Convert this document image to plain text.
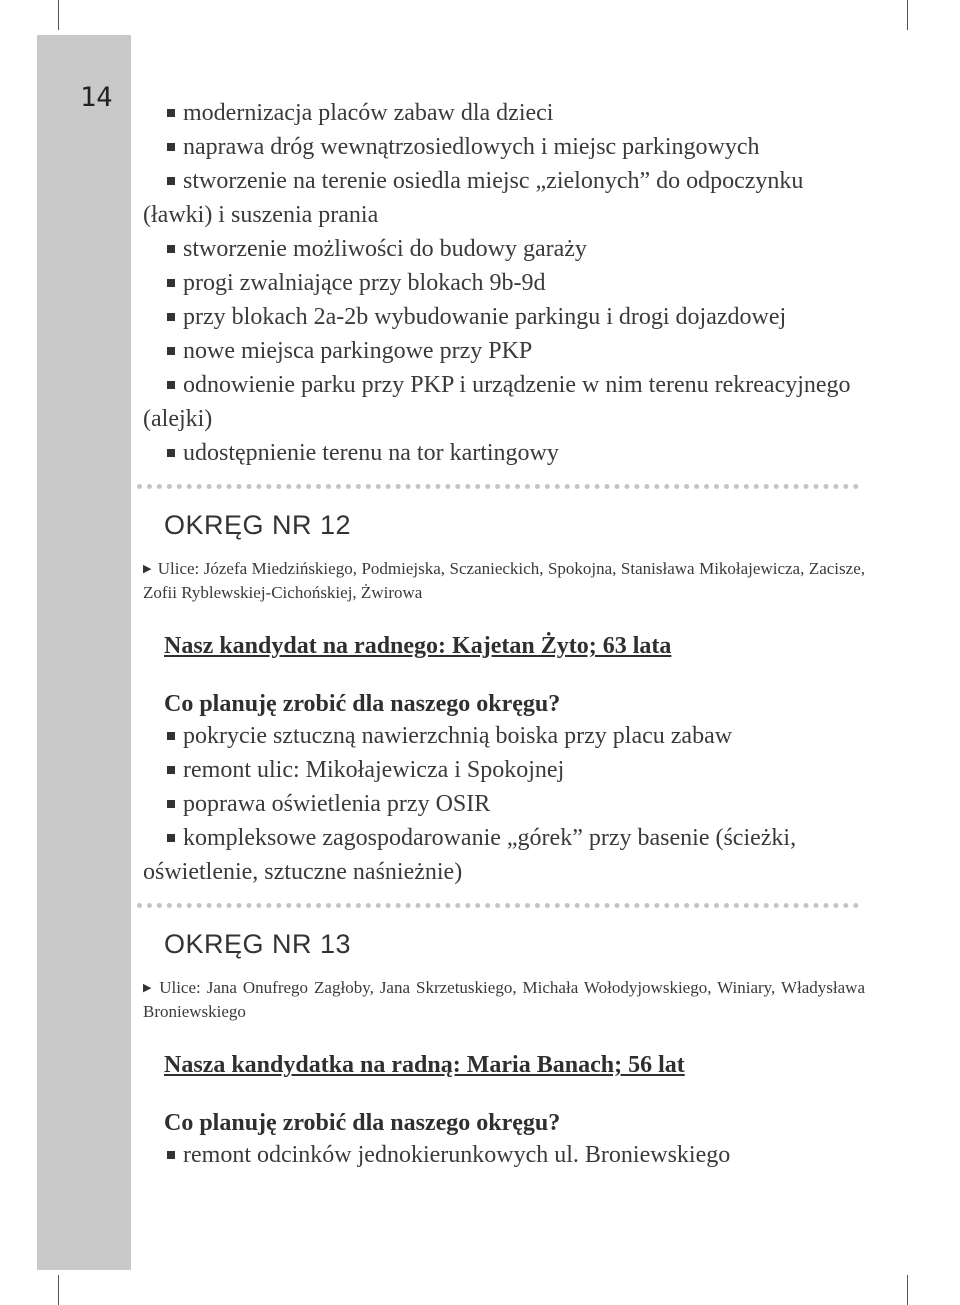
14	modernizacja placów zabaw dla dzieci
naprawa dróg wewnątrzosiedlowych i miejsc parkingowych
stworzenie na terenie osiedla miejsc „zielonych” do odpoczynku (ławki) i suszenia prania
stworzenie możliwości do budowy garaży
progi zwalniające przy blokach 9b-9d
przy blokach 2a-2b wybudowanie parkingu i drogi dojazdowej
nowe miejsca parkingowe przy PKP
odnowienie parku przy PKP i urządzenie w nim terenu rekreacyjnego (alejki)
udostępnienie terenu na tor kartingowy
OKRĘG NR 12
▶ Ulice: Józefa Miedzińskiego, Podmiejska, Sczanieckich, Spokojna, Stanisława Mikołajewicza, Zacisze, Zofii Ryblewskiej-Cichońskiej, Żwirowa
Nasz kandydat na radnego: Kajetan Żyto; 63 lata
Co planuję zrobić dla naszego okręgu?
pokrycie sztuczną nawierzchnią boiska przy placu zabaw
remont ulic: Mikołajewicza i Spokojnej
poprawa oświetlenia przy OSIR
kompleksowe zagospodarowanie „górek” przy basenie (ścieżki, oświetlenie, sztuczne naśnieżnie)
OKRĘG NR 13
▶ Ulice: Jana Onufrego Zagłoby, Jana Skrzetuskiego, Michała Wołodyjowskiego, Winiary, Władysława Broniewskiego
Nasza kandydatka na radną: Maria Banach; 56 lat
Co planuję zrobić dla naszego okręgu?
remont odcinków jednokierunkowych ul. Broniewskiego
